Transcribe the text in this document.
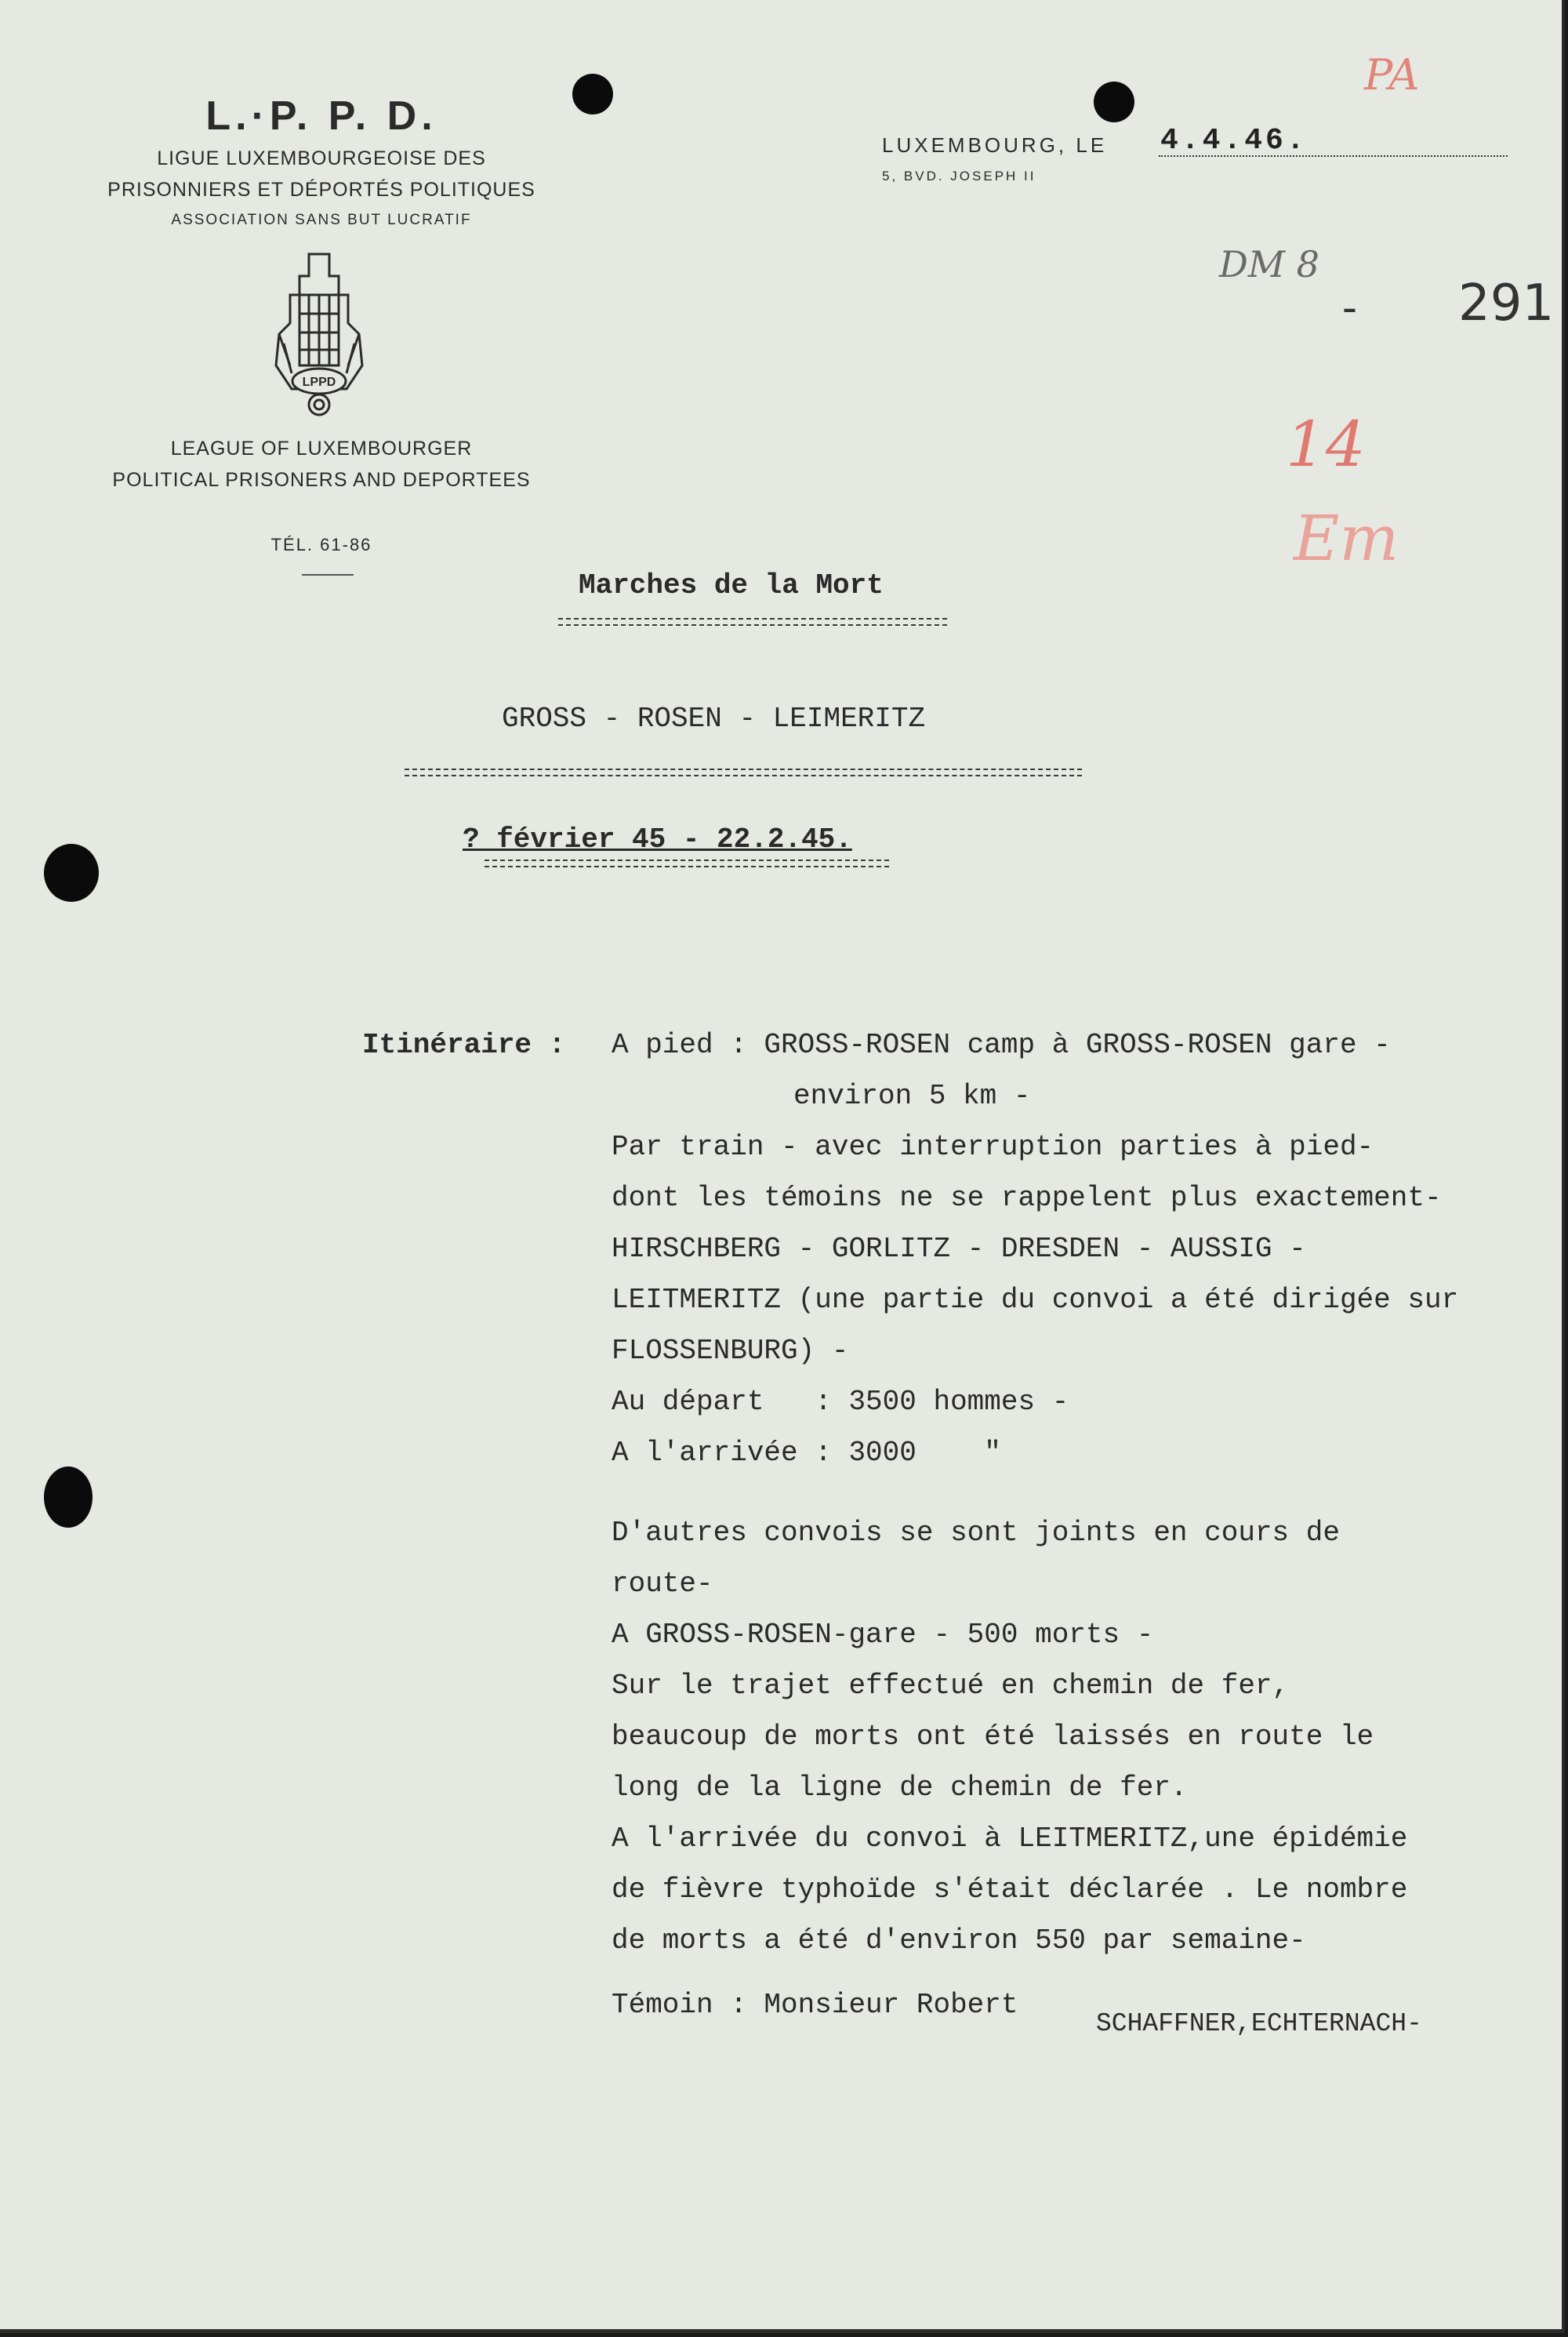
L.·P. P. D.
LIGUE LUXEMBOURGEOISE DES
PRISONNIERS ET DÉPORTÉS POLITIQUES
ASSOCIATION SANS BUT LUCRATIF
LPPD
LEAGUE OF LUXEMBOURGER
POLITICAL PRISONERS AND DEPORTEES
TÉL. 61-86
LUXEMBOURG, LE 4.4.46.
5, BVD. JOSEPH II
PA
DM 8
- 291
14
Em
Marches de la Mort
GROSS - ROSEN - LEIMERITZ
? février 45 - 22.2.45.
Itinéraire : A pied : GROSS-ROSEN camp à GROSS-ROSEN gare -
environ 5 km -
Par train - avec interruption parties à pied-
dont les témoins ne se rappelent plus exactement-
HIRSCHBERG - GORLITZ - DRESDEN - AUSSIG -
LEITMERITZ (une partie du convoi a été dirigée sur
FLOSSENBURG) -
Au départ   : 3500 hommes -
A l'arrivée : 3000    "
D'autres convois se sont joints en cours de
route-
A GROSS-ROSEN-gare - 500 morts -
Sur le trajet effectué en chemin de fer,
beaucoup de morts ont été laissés en route le
long de la ligne de chemin de fer.
A l'arrivée du convoi à LEITMERITZ,une épidémie
de fièvre typhoïde s'était déclarée . Le nombre
de morts a été d'environ 550 par semaine-
Témoin : Monsieur Robert
SCHAFFNER,ECHTERNACH-
